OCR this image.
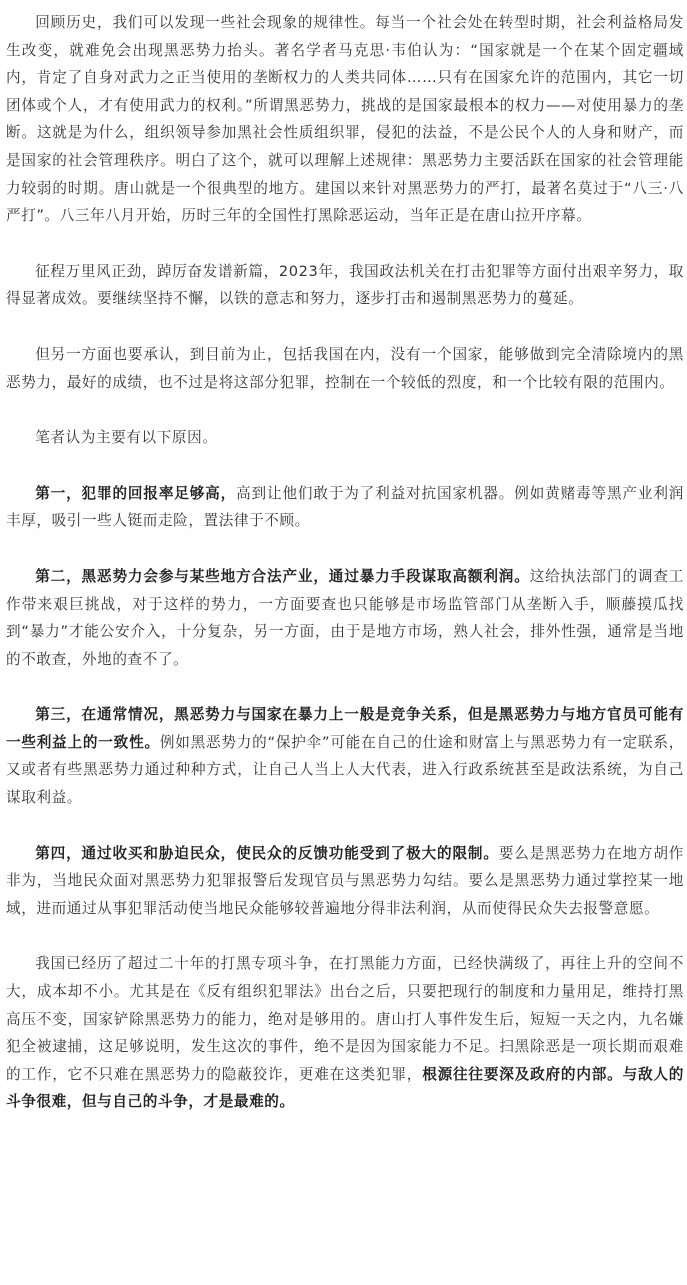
回顾历史，我们可以发现一些社会现象的规律性。每当一个社会处在转型时期，社会利益格局发生改变，就难免会出现黑恶势力抬头。著名学者马克思·韦伯认为：“国家就是一个在某个固定疆域内，肯定了自身对武力之正当使用的垄断权力的人类共同体……只有在国家允许的范围内，其它一切团体或个人，才有使用武力的权利。”所谓黑恶势力，挑战的是国家最根本的权力——对使用暴力的垄断。这就是为什么，组织领导参加黑社会性质组织罪，侵犯的法益，不是公民个人的人身和财产，而是国家的社会管理秩序。明白了这个，就可以理解上述规律：黑恶势力主要活跃在国家的社会管理能力较弱的时期。唐山就是一个很典型的地方。建国以来针对黑恶势力的严打，最著名莫过于“八三·八严打”。八三年八月开始，历时三年的全国性打黑除恶运动，当年正是在唐山拉开序幕。

征程万里风正劲，踔厉奋发谱新篇，2023年，我国政法机关在打击犯罪等方面付出艰辛努力，取得显著成效。要继续坚持不懈，以铁的意志和努力，逐步打击和遏制黑恶势力的蔓延。

但另一方面也要承认，到目前为止，包括我国在内，没有一个国家，能够做到完全清除境内的黑恶势力，最好的成绩，也不过是将这部分犯罪，控制在一个较低的烈度，和一个比较有限的范围内。

笔者认为主要有以下原因。

第一，犯罪的回报率足够高，高到让他们敢于为了利益对抗国家机器。例如黄赌毒等黑产业利润丰厚，吸引一些人铤而走险，置法律于不顾。

第二，黑恶势力会参与某些地方合法产业，通过暴力手段谋取高额利润。这给执法部门的调查工作带来艰巨挑战，对于这样的势力，一方面要查也只能够是市场监管部门从垄断入手，顺藤摸瓜找到“暴力”才能公安介入，十分复杂，另一方面，由于是地方市场，熟人社会，排外性强，通常是当地的不敢查，外地的查不了。

第三，在通常情况，黑恶势力与国家在暴力上一般是竞争关系，但是黑恶势力与地方官员可能有一些利益上的一致性。例如黑恶势力的“保护伞”可能在自己的仕途和财富上与黑恶势力有一定联系，又或者有些黑恶势力通过种种方式，让自己人当上人大代表，进入行政系统甚至是政法系统，为自己谋取利益。

第四，通过收买和胁迫民众，使民众的反馈功能受到了极大的限制。要么是黑恶势力在地方胡作非为，当地民众面对黑恶势力犯罪报警后发现官员与黑恶势力勾结。要么是黑恶势力通过掌控某一地域，进而通过从事犯罪活动使当地民众能够较普遍地分得非法利润，从而使得民众失去报警意愿。

我国已经历了超过二十年的打黑专项斗争，在打黑能力方面，已经快满级了，再往上升的空间不大，成本却不小。尤其是在《反有组织犯罪法》出台之后，只要把现行的制度和力量用足，维持打黑高压不变，国家铲除黑恶势力的能力，绝对是够用的。唐山打人事件发生后，短短一天之内，九名嫌犯全被逮捕，这足够说明，发生这次的事件，绝不是因为国家能力不足。扫黑除恶是一项长期而艰难的工作，它不只难在黑恶势力的隐蔽狡诈，更难在这类犯罪，根源往往要深及政府的内部。与敌人的斗争很难，但与自己的斗争，才是最难的。
